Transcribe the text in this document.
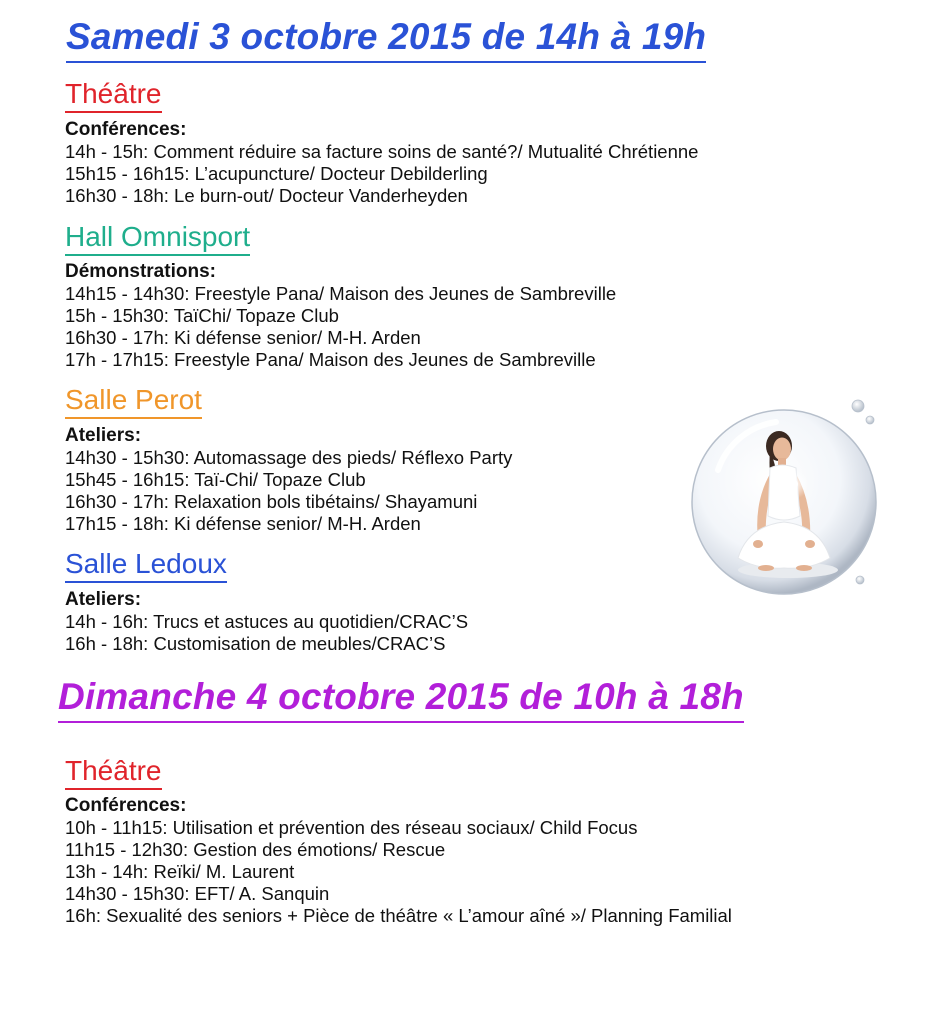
Samedi 3 octobre 2015 de 14h à 19h
Théâtre
Conférences:
14h - 15h: Comment réduire sa facture soins de santé?/ Mutualité Chrétienne
15h15 - 16h15: L’acupuncture/ Docteur Debilderling
16h30 - 18h: Le burn-out/ Docteur Vanderheyden
Hall Omnisport
Démonstrations:
14h15 - 14h30: Freestyle Pana/ Maison des Jeunes de Sambreville
15h - 15h30: TaïChi/ Topaze Club
16h30 - 17h: Ki défense senior/ M-H. Arden
17h - 17h15: Freestyle Pana/ Maison des Jeunes de Sambreville
Salle Perot
Ateliers:
14h30 - 15h30: Automassage des pieds/ Réflexo Party
15h45 - 16h15: Taï-Chi/ Topaze Club
16h30 - 17h: Relaxation bols tibétains/ Shayamuni
17h15 - 18h: Ki défense senior/ M-H. Arden
Salle Ledoux
Ateliers:
14h - 16h: Trucs et astuces au quotidien/CRAC’S
16h - 18h: Customisation de meubles/CRAC’S
Dimanche 4 octobre 2015 de 10h à 18h
Théâtre
Conférences:
10h - 11h15: Utilisation et prévention des réseau sociaux/ Child Focus
11h15 - 12h30: Gestion des émotions/ Rescue
13h - 14h: Reïki/ M. Laurent
14h30 - 15h30: EFT/ A. Sanquin
16h: Sexualité des seniors + Pièce de théâtre « L’amour aîné »/ Planning Familial
